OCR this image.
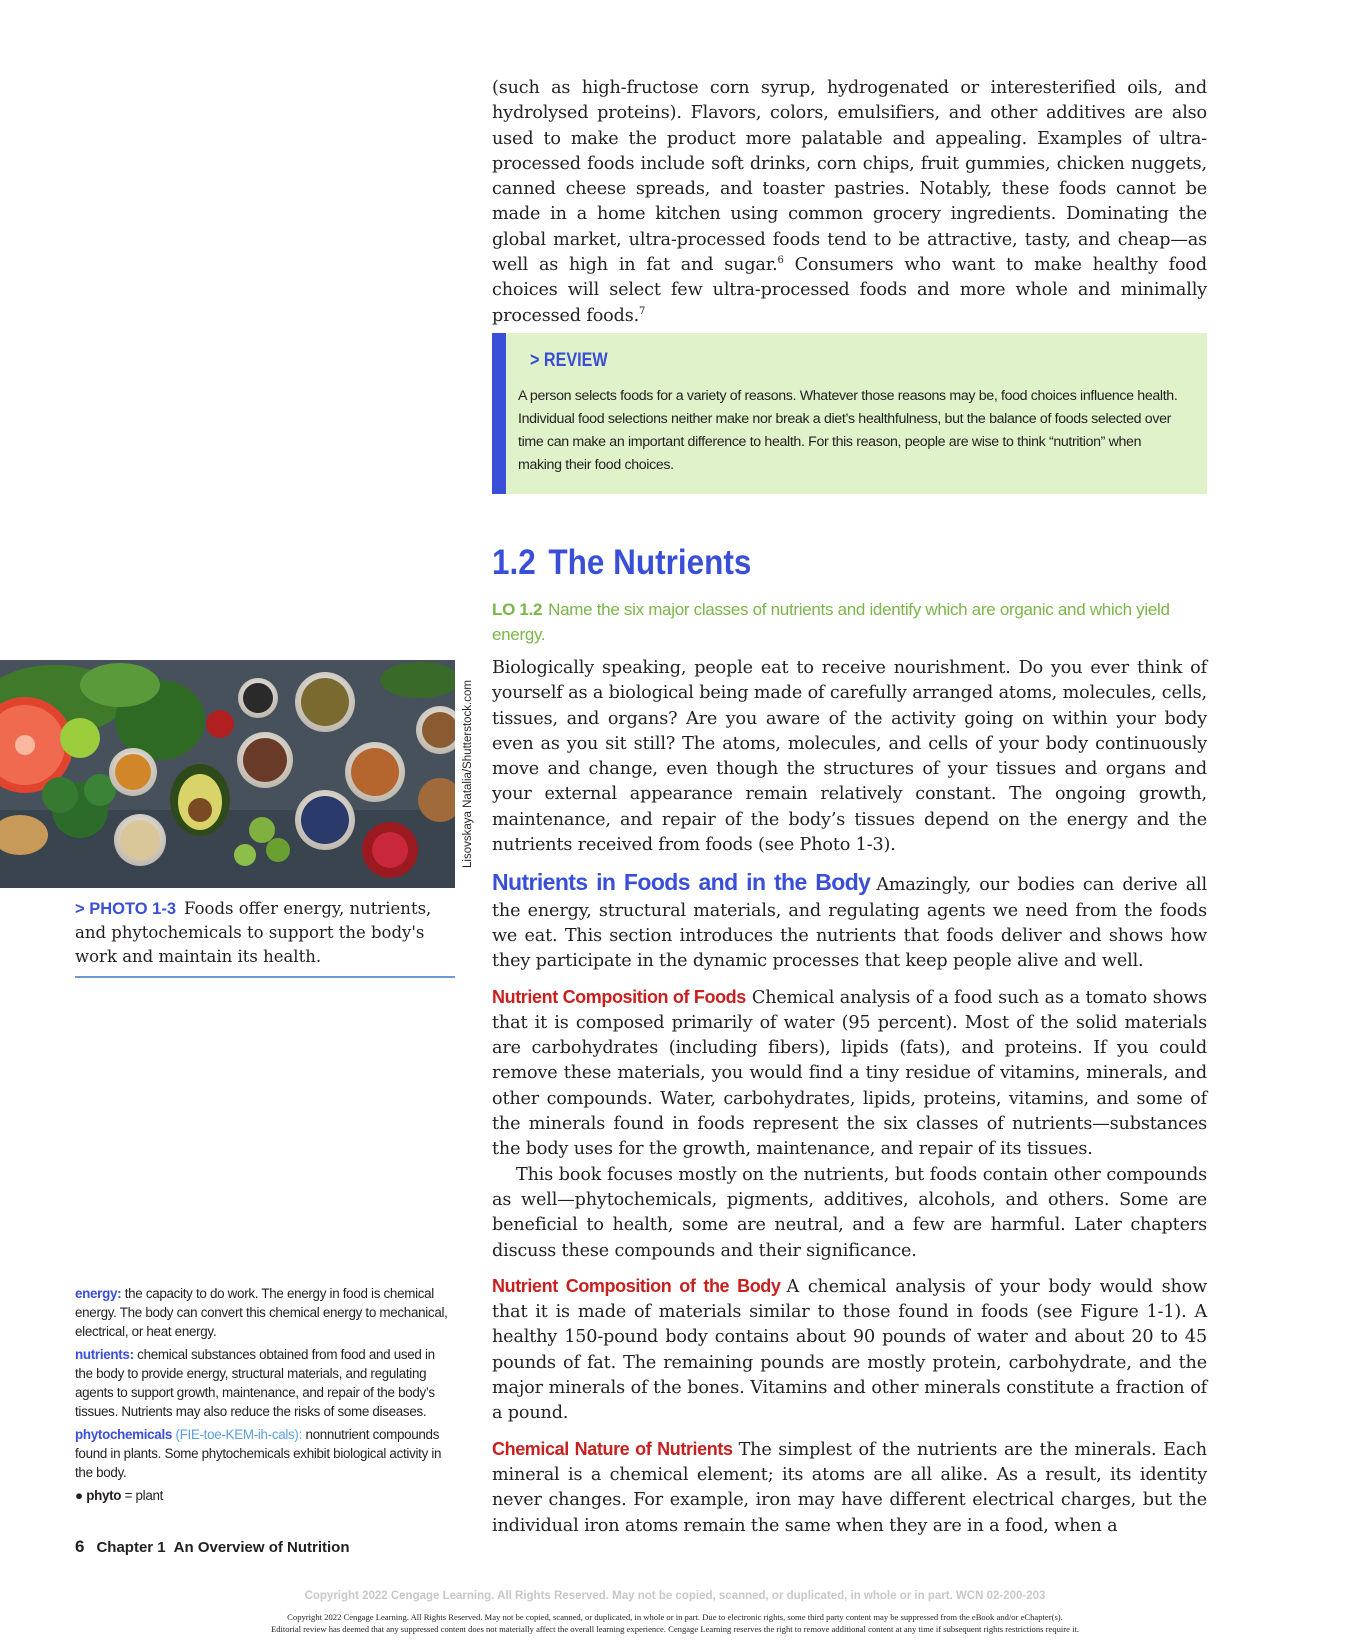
(such as high-fructose corn syrup, hydrogenated or interesterified oils, and hydrolysed proteins). Flavors, colors, emulsifiers, and other additives are also used to make the product more palatable and appealing. Examples of ultra-processed foods include soft drinks, corn chips, fruit gummies, chicken nuggets, canned cheese spreads, and toaster pastries. Notably, these foods cannot be made in a home kitchen using common grocery ingredients. Dominating the global market, ultra-processed foods tend to be attractive, tasty, and cheap—as well as high in fat and sugar.$^6$ Consumers who want to make healthy food choices will select few ultra-processed foods and more whole and minimally processed foods.$^7$

> REVIEW
A person selects foods for a variety of reasons. Whatever those reasons may be, food choices influence health. Individual food selections neither make nor break a diet’s healthfulness, but the balance of foods selected over time can make an important difference to health. For this reason, people are wise to think “nutrition” when making their food choices.
1.2 The Nutrients
LO 1.2 Name the six major classes of nutrients and identify which are organic and which yield energy.

Biologically speaking, people eat to receive nourishment. Do you ever think of yourself as a biological being made of carefully arranged atoms, molecules, cells, tissues, and organs? Are you aware of the activity going on within your body even as you sit still? The atoms, molecules, and cells of your body continuously move and change, even though the structures of your tissues and organs and your external appearance remain relatively constant. The ongoing growth, maintenance, and repair of the body’s tissues depend on the energy and the nutrients received from foods (see Photo 1-3).

Nutrients in Foods and in the Body Amazingly, our bodies can derive all the energy, structural materials, and regulating agents we need from the foods we eat. This section introduces the nutrients that foods deliver and shows how they participate in the dynamic processes that keep people alive and well.

Nutrient Composition of Foods Chemical analysis of a food such as a tomato shows that it is composed primarily of water (95 percent). Most of the solid materials are carbohydrates (including fibers), lipids (fats), and proteins. If you could remove these materials, you would find a tiny residue of vitamins, minerals, and other compounds. Water, carbohydrates, lipids, proteins, vitamins, and some of the minerals found in foods represent the six classes of nutrients—substances the body uses for the growth, maintenance, and repair of its tissues.

This book focuses mostly on the nutrients, but foods contain other compounds as well—phytochemicals, pigments, additives, alcohols, and others. Some are beneficial to health, some are neutral, and a few are harmful. Later chapters discuss these compounds and their significance.

Nutrient Composition of the Body A chemical analysis of your body would show that it is made of materials similar to those found in foods (see Figure 1-1). A healthy 150-pound body contains about 90 pounds of water and about 20 to 45 pounds of fat. The remaining pounds are mostly protein, carbohydrate, and the major minerals of the bones. Vitamins and other minerals constitute a fraction of a pound.

Chemical Nature of Nutrients The simplest of the nutrients are the minerals. Each mineral is a chemical element; its atoms are all alike. As a result, its identity never changes. For example, iron may have different electrical charges, but the individual iron atoms remain the same when they are in a food, when a

Lisovskaya Natalia/Shutterstock.com
> PHOTO 1-3 Foods offer energy, nutrients, and phytochemicals to support the body's work and maintain its health.

energy: the capacity to do work. The energy in food is chemical energy. The body can convert this chemical energy to mechanical, electrical, or heat energy.

nutrients: chemical substances obtained from food and used in the body to provide energy, structural materials, and regulating agents to support growth, maintenance, and repair of the body’s tissues. Nutrients may also reduce the risks of some diseases.

phytochemicals (FIE-toe-KEM-ih-cals): nonnutrient compounds found in plants. Some phytochemicals exhibit biological activity in the body.

● phyto = plant

6 Chapter 1 An Overview of Nutrition
Copyright 2022 Cengage Learning. All Rights Reserved. May not be copied, scanned, or duplicated, in whole or in part. WCN 02-200-203
Copyright 2022 Cengage Learning. All Rights Reserved. May not be copied, scanned, or duplicated, in whole or in part. Due to electronic rights, some third party content may be suppressed from the eBook and/or eChapter(s).
Editorial review has deemed that any suppressed content does not materially affect the overall learning experience. Cengage Learning reserves the right to remove additional content at any time if subsequent rights restrictions require it.
